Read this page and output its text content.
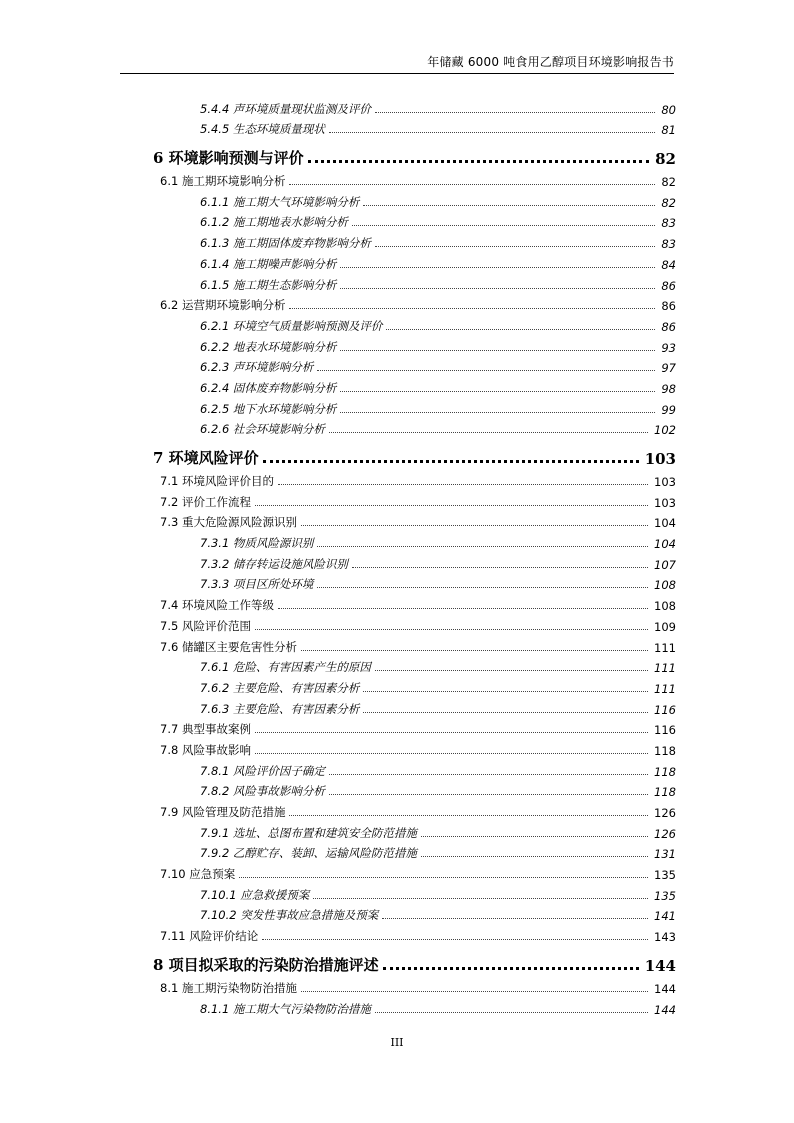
年储藏 6000 吨食用乙醇项目环境影响报告书
5.4.4 声环境质量现状监测及评价	80
5.4.5 生态环境质量现状	81
6 环境影响预测与评价	82
6.1 施工期环境影响分析	82
6.1.1 施工期大气环境影响分析	82
6.1.2 施工期地表水影响分析	83
6.1.3 施工期固体废弃物影响分析	83
6.1.4 施工期噪声影响分析	84
6.1.5 施工期生态影响分析	86
6.2 运营期环境影响分析	86
6.2.1 环境空气质量影响预测及评价	86
6.2.2 地表水环境影响分析	93
6.2.3 声环境影响分析	97
6.2.4 固体废弃物影响分析	98
6.2.5 地下水环境影响分析	99
6.2.6 社会环境影响分析	102
7 环境风险评价	103
7.1 环境风险评价目的	103
7.2 评价工作流程	103
7.3 重大危险源风险源识别	104
7.3.1 物质风险源识别	104
7.3.2 储存转运设施风险识别	107
7.3.3 项目区所处环境	108
7.4 环境风险工作等级	108
7.5 风险评价范围	109
7.6 储罐区主要危害性分析	111
7.6.1 危险、有害因素产生的原因	111
7.6.2 主要危险、有害因素分析	111
7.6.3 主要危险、有害因素分析	116
7.7 典型事故案例	116
7.8 风险事故影响	118
7.8.1 风险评价因子确定	118
7.8.2 风险事故影响分析	118
7.9 风险管理及防范措施	126
7.9.1 选址、总图布置和建筑安全防范措施	126
7.9.2 乙醇贮存、装卸、运输风险防范措施	131
7.10 应急预案	135
7.10.1 应急救援预案	135
7.10.2 突发性事故应急措施及预案	141
7.11 风险评价结论	143
8 项目拟采取的污染防治措施评述	144
8.1 施工期污染物防治措施	144
8.1.1 施工期大气污染物防治措施	144
III
